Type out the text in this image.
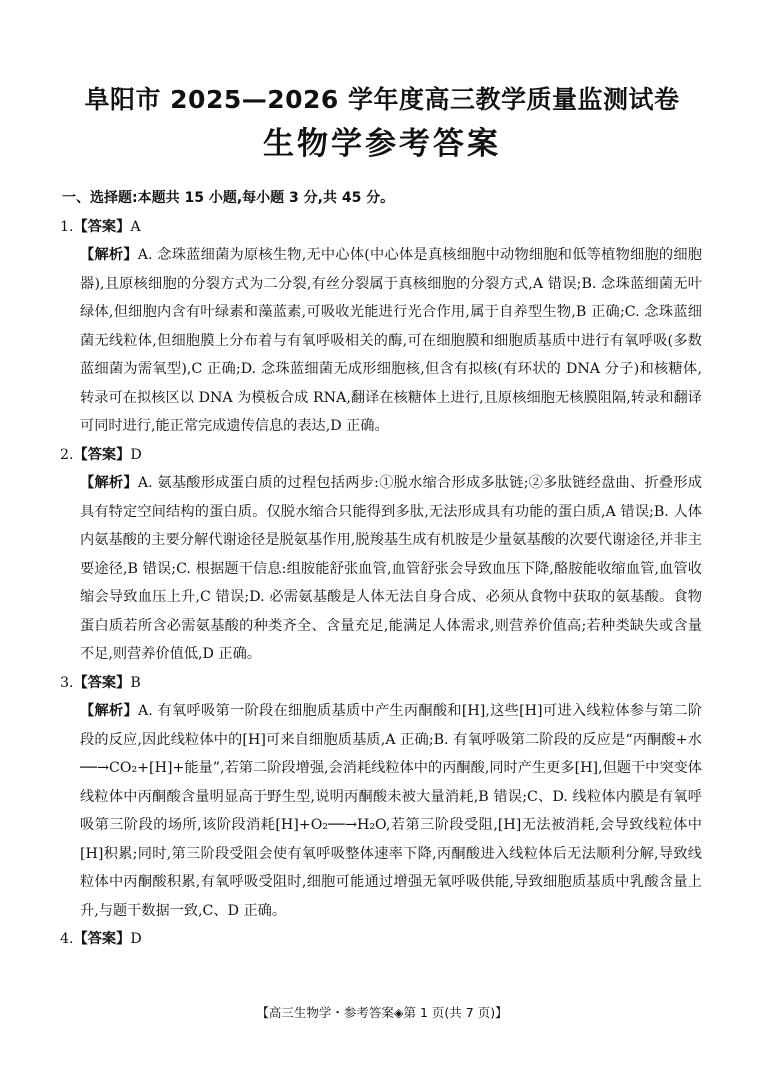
阜阳市 2025—2026 学年度高三教学质量监测试卷
生物学参考答案
一、选择题:本题共 15 小题,每小题 3 分,共 45 分。
1.【答案】A
【解析】A. 念珠蓝细菌为原核生物,无中心体(中心体是真核细胞中动物细胞和低等植物细胞的细胞器),且原核细胞的分裂方式为二分裂,有丝分裂属于真核细胞的分裂方式,A 错误;B. 念珠蓝细菌无叶绿体,但细胞内含有叶绿素和藻蓝素,可吸收光能进行光合作用,属于自养型生物,B 正确;C. 念珠蓝细菌无线粒体,但细胞膜上分布着与有氧呼吸相关的酶,可在细胞膜和细胞质基质中进行有氧呼吸(多数蓝细菌为需氧型),C 正确;D. 念珠蓝细菌无成形细胞核,但含有拟核(有环状的 DNA 分子)和核糖体,转录可在拟核区以 DNA 为模板合成 RNA,翻译在核糖体上进行,且原核细胞无核膜阻隔,转录和翻译可同时进行,能正常完成遗传信息的表达,D 正确。
2.【答案】D
【解析】A. 氨基酸形成蛋白质的过程包括两步:①脱水缩合形成多肽链;②多肽链经盘曲、折叠形成具有特定空间结构的蛋白质。仅脱水缩合只能得到多肽,无法形成具有功能的蛋白质,A 错误;B. 人体内氨基酸的主要分解代谢途径是脱氨基作用,脱羧基生成有机胺是少量氨基酸的次要代谢途径,并非主要途径,B 错误;C. 根据题干信息:组胺能舒张血管,血管舒张会导致血压下降,酪胺能收缩血管,血管收缩会导致血压上升,C 错误;D. 必需氨基酸是人体无法自身合成、必须从食物中获取的氨基酸。食物蛋白质若所含必需氨基酸的种类齐全、含量充足,能满足人体需求,则营养价值高;若种类缺失或含量不足,则营养价值低,D 正确。
3.【答案】B
【解析】A. 有氧呼吸第一阶段在细胞质基质中产生丙酮酸和[H],这些[H]可进入线粒体参与第二阶段的反应,因此线粒体中的[H]可来自细胞质基质,A 正确;B. 有氧呼吸第二阶段的反应是“丙酮酸+水──→CO₂+[H]+能量”,若第二阶段增强,会消耗线粒体中的丙酮酸,同时产生更多[H],但题干中突变体线粒体中丙酮酸含量明显高于野生型,说明丙酮酸未被大量消耗,B 错误;C、D. 线粒体内膜是有氧呼吸第三阶段的场所,该阶段消耗[H]+O₂──→H₂O,若第三阶段受阻,[H]无法被消耗,会导致线粒体中[H]积累;同时,第三阶段受阻会使有氧呼吸整体速率下降,丙酮酸进入线粒体后无法顺利分解,导致线粒体中丙酮酸积累,有氧呼吸受阻时,细胞可能通过增强无氧呼吸供能,导致细胞质基质中乳酸含量上升,与题干数据一致,C、D 正确。
4.【答案】D
【高三生物学・参考答案◈第 1 页(共 7 页)】
